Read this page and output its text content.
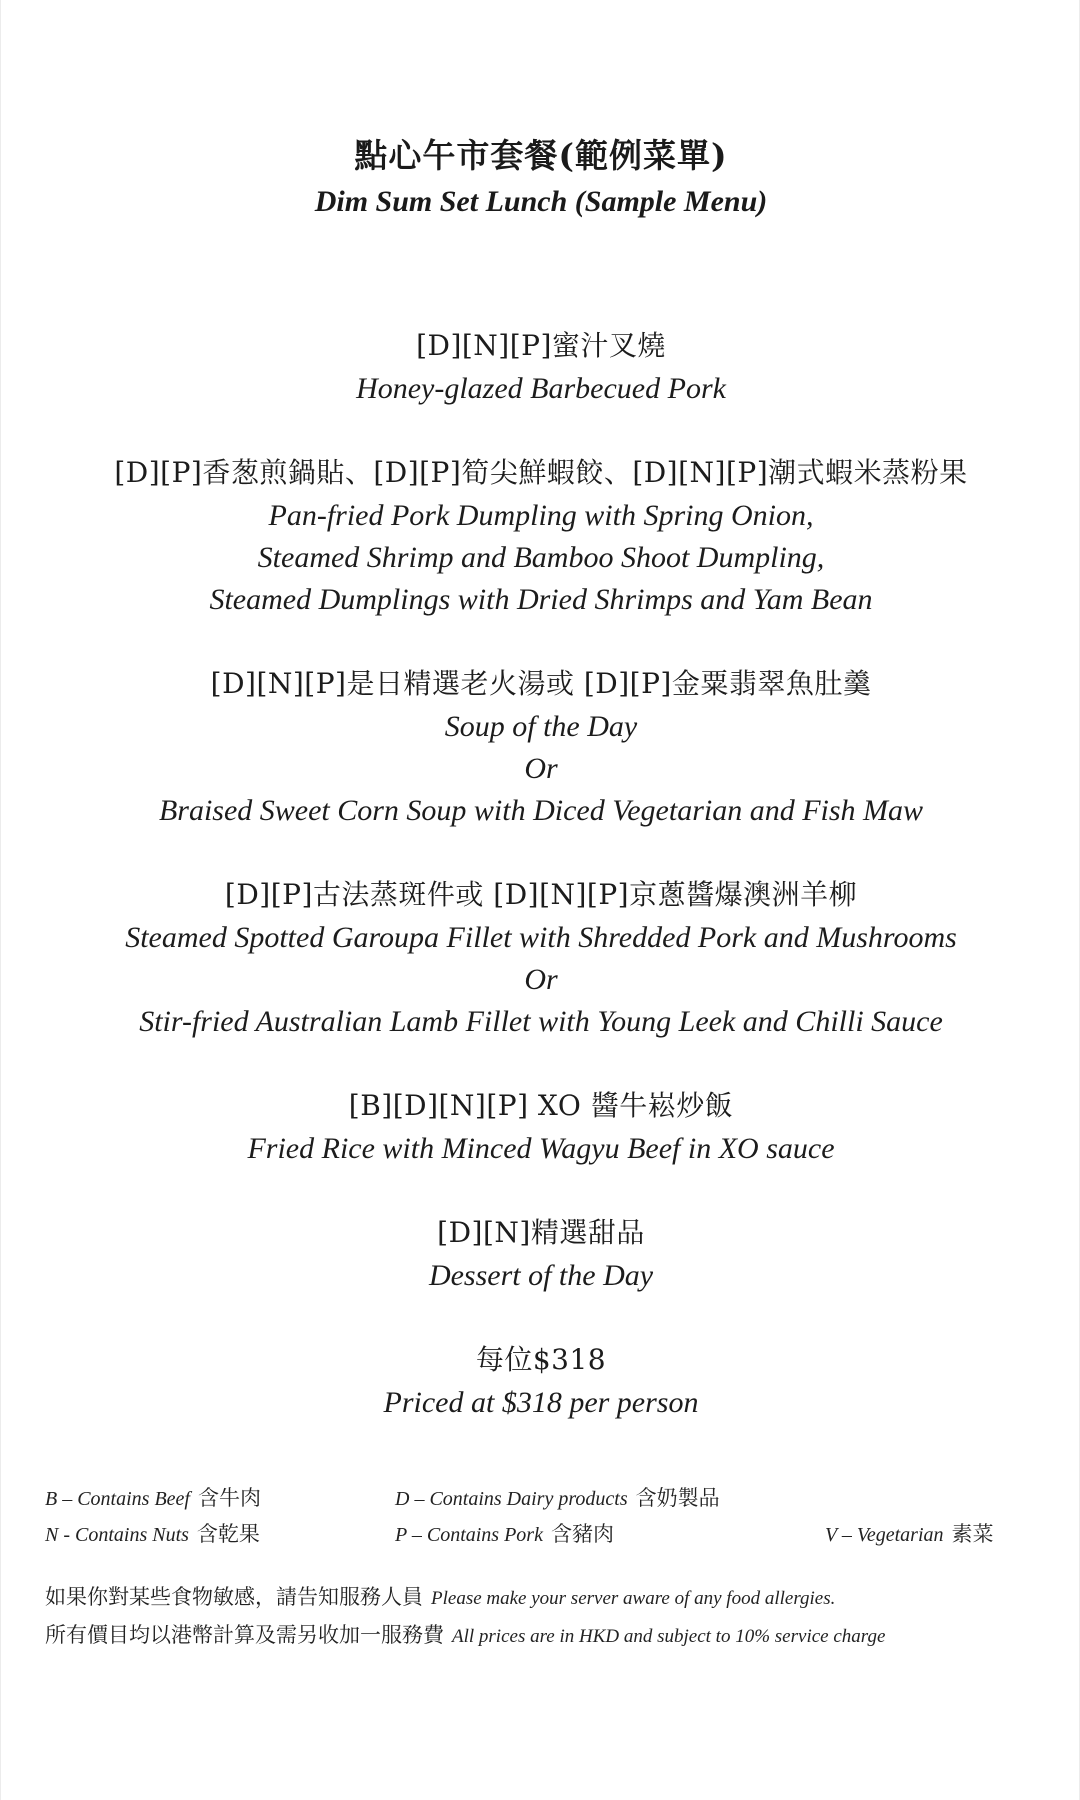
點心午市套餐(範例菜單)
Dim Sum Set Lunch (Sample Menu)
[D][N][P]蜜汁叉燒
Honey-glazed Barbecued Pork
[D][P]香葱煎鍋貼、[D][P]筍尖鮮蝦餃、[D][N][P]潮式蝦米蒸粉果
Pan-fried Pork Dumpling with Spring Onion,
Steamed Shrimp and Bamboo Shoot Dumpling,
Steamed Dumplings with Dried Shrimps and Yam Bean
[D][N][P]是日精選老火湯或 [D][P]金粟翡翠魚肚羹
Soup of the Day
Or
Braised Sweet Corn Soup with Diced Vegetarian and Fish Maw
[D][P]古法蒸斑件或 [D][N][P]京蔥醬爆澳洲羊柳
Steamed Spotted Garoupa Fillet with Shredded Pork and Mushrooms
Or
Stir-fried Australian Lamb Fillet with Young Leek and Chilli Sauce
[B][D][N][P] XO 醬牛崧炒飯
Fried Rice with Minced Wagyu Beef in XO sauce
[D][N]精選甜品
Dessert of the Day
每位$318
Priced at $318 per person
B – Contains Beef 含牛肉	D – Contains Dairy products 含奶製品
N - Contains Nuts 含乾果	P – Contains Pork 含豬肉	V – Vegetarian 素菜
如果你對某些食物敏感，請告知服務人員 Please make your server aware of any food allergies.
所有價目均以港幣計算及需另收加一服務費 All prices are in HKD and subject to 10% service charge
